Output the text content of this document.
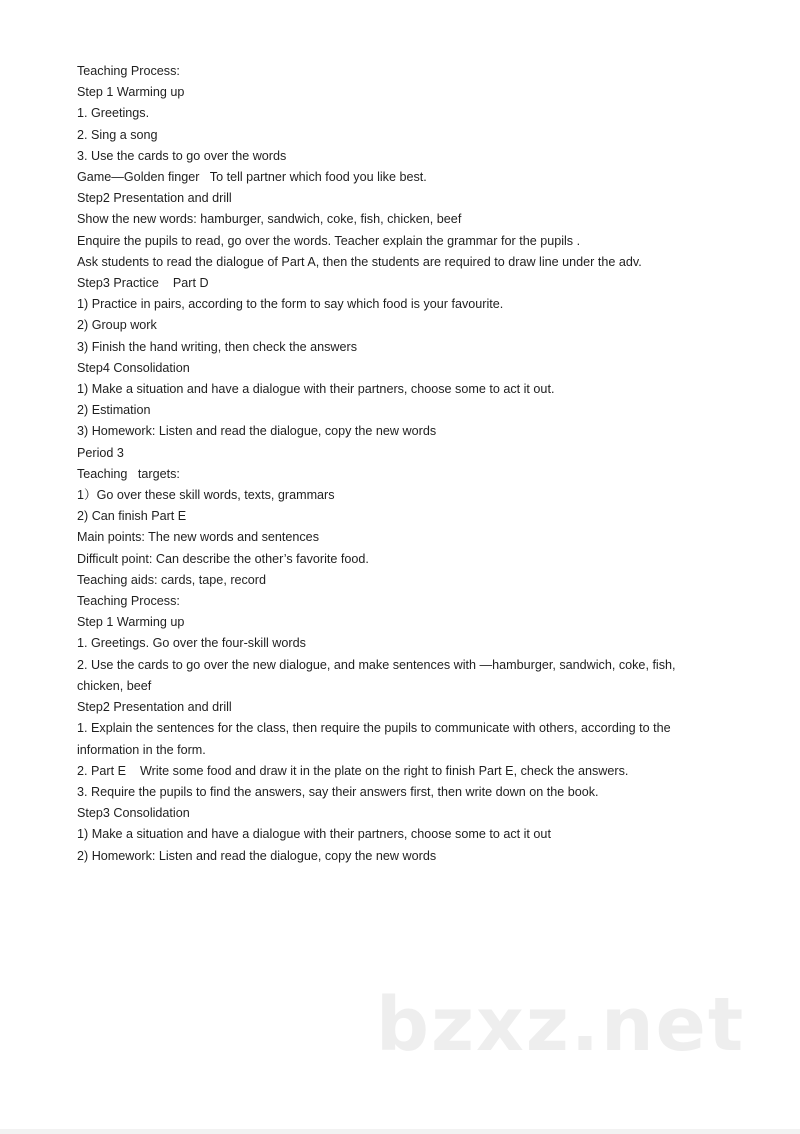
Teaching Process:

Step 1 Warming up

1. Greetings.

2. Sing a song

3. Use the cards to go over the words

Game—Golden finger   To tell partner which food you like best.

Step2 Presentation and drill

Show the new words: hamburger, sandwich, coke, fish, chicken, beef

Enquire the pupils to read, go over the words. Teacher explain the grammar for the pupils .

Ask students to read the dialogue of Part A, then the students are required to draw line under the adv.

Step3 Practice    Part D

1) Practice in pairs, according to the form to say which food is your favourite.

2) Group work

3) Finish the hand writing, then check the answers

Step4 Consolidation

1) Make a situation and have a dialogue with their partners, choose some to act it out.

2) Estimation

3) Homework: Listen and read the dialogue, copy the new words

Period 3

Teaching   targets:

1）Go over these skill words, texts, grammars

2) Can finish Part E

Main points: The new words and sentences

Difficult point: Can describe the other’s favorite food.

Teaching aids: cards, tape, record

Teaching Process:

Step 1 Warming up

1. Greetings. Go over the four-skill words

2. Use the cards to go over the new dialogue, and make sentences with —hamburger, sandwich, coke, fish,

chicken, beef

Step2 Presentation and drill

1. Explain the sentences for the class, then require the pupils to communicate with others, according to the

information in the form.

2. Part E    Write some food and draw it in the plate on the right to finish Part E, check the answers.

3. Require the pupils to find the answers, say their answers first, then write down on the book.

Step3 Consolidation

1) Make a situation and have a dialogue with their partners, choose some to act it out

2) Homework: Listen and read the dialogue, copy the new words

bzxz.net
